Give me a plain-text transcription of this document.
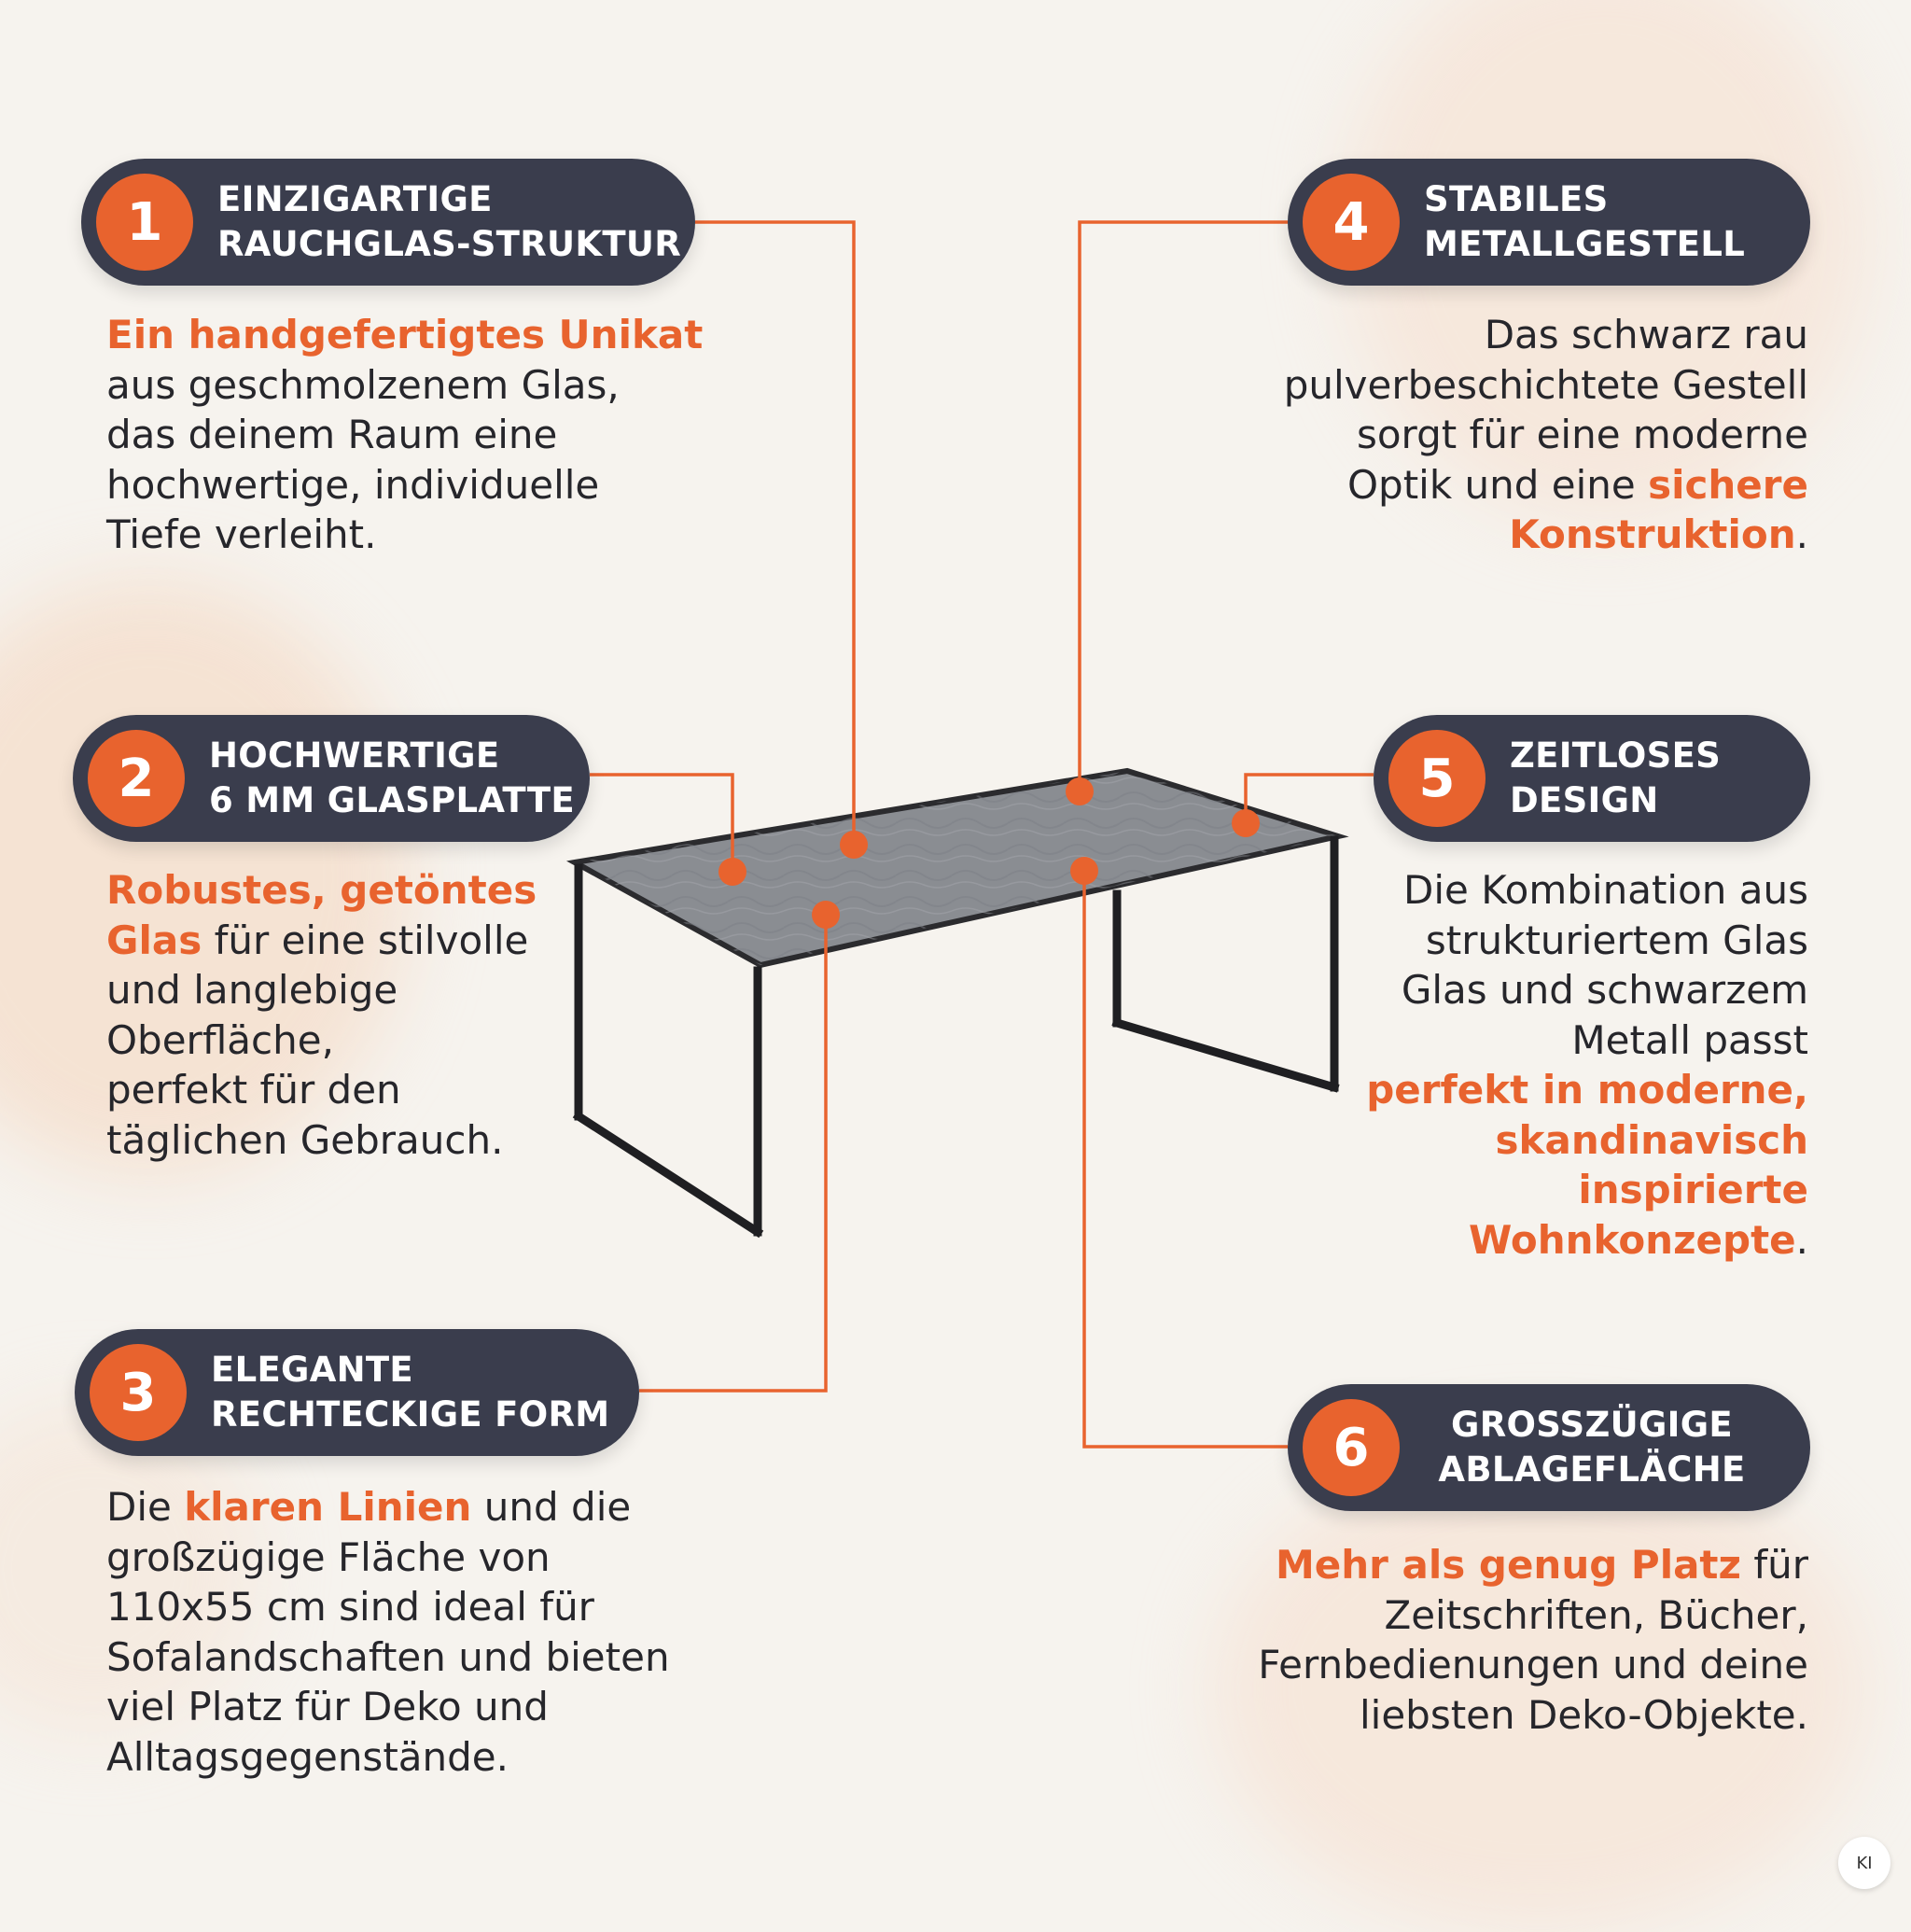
1	EINZIGARTIGE
RAUCHGLAS-STRUKTUR
Ein handgefertigtes Unikat
aus geschmolzenem Glas,
das deinem Raum eine
hochwertige, individuelle
Tiefe verleiht.
2	HOCHWERTIGE
6 MM GLASPLATTE
Robustes, getöntes
Glas für eine stilvolle
und langlebige
Oberfläche,
perfekt für den
täglichen Gebrauch.
3	ELEGANTE
RECHTECKIGE FORM
Die klaren Linien und die
großzügige Fläche von
110x55 cm sind ideal für
Sofalandschaften und bieten
viel Platz für Deko und
Alltagsgegenstände.
4	STABILES
METALLGESTELL
Das schwarz rau
pulverbeschichtete Gestell
sorgt für eine moderne
Optik und eine sichere
Konstruktion.
5	ZEITLOSES
DESIGN
Die Kombination aus
strukturiertem Glas
Glas und schwarzem
Metall passt
perfekt in moderne,
skandinavisch
inspirierte
Wohnkonzepte.
6	GROSSZÜGIGE
ABLAGEFLÄCHE
Mehr als genug Platz für
Zeitschriften, Bücher,
Fernbedienungen und deine
liebsten Deko-Objekte.
KI
